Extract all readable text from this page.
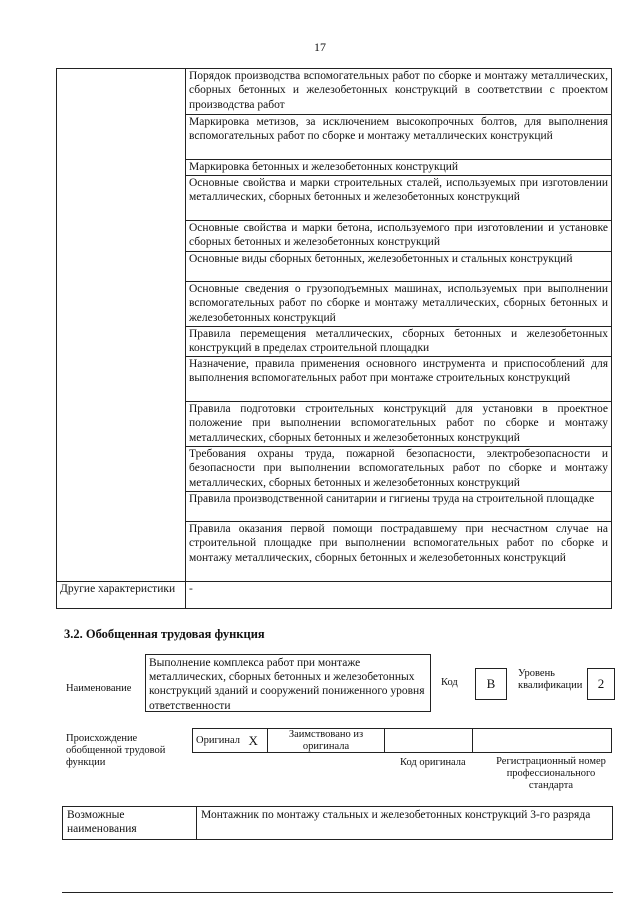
17
	Порядок производства вспомогательных работ по сборке и монтажу металлических, сборных бетонных и железобетонных конструкций в соответствии с проектом производства работ
	Маркировка метизов, за исключением высокопрочных болтов, для выполнения вспомогательных работ по сборке и монтажу металлических конструкций
	Маркировка бетонных и железобетонных конструкций
	Основные свойства и марки строительных сталей, используемых при изготовлении металлических, сборных бетонных и железобетонных конструкций
	Основные свойства и марки бетона, используемого при изготовлении и установке сборных бетонных и железобетонных конструкций
	Основные виды сборных бетонных, железобетонных и стальных конструкций
	Основные сведения о грузоподъемных машинах, используемых при выполнении вспомогательных работ по сборке и монтажу металлических, сборных бетонных и железобетонных конструкций
	Правила перемещения металлических, сборных бетонных и железобетонных конструкций в пределах строительной площадки
	Назначение, правила применения основного инструмента и приспособлений для выполнения вспомогательных работ при монтаже строительных конструкций
	Правила подготовки строительных конструкций для установки в проектное положение при выполнении вспомогательных работ по сборке и монтажу металлических, сборных бетонных и железобетонных конструкций
	Требования охраны труда, пожарной безопасности, электробезопасности и безопасности при выполнении вспомогательных работ по сборке и монтажу металлических, сборных бетонных и железобетонных конструкций
	Правила производственной санитарии и гигиены труда на строительной площадке
	Правила оказания первой помощи пострадавшему при несчастном случае на строительной площадке при выполнении вспомогательных работ по сборке и монтажу металлических, сборных бетонных и железобетонных конструкций
Другие характеристики	-
3.2. Обобщенная трудовая функция
Наименование
Выполнение комплекса работ при монтаже металлических, сборных бетонных и железобетонных конструкций зданий и сооружений пониженного уровня ответственности
Код	B
Уровень квалификации	2
Происхождение обобщенной трудовой функции
Оригинал	X	Заимствовано из оригинала		
Код оригинала	Регистрационный номер профессионального стандарта
Возможные наименования	Монтажник по монтажу стальных и железобетонных конструкций 3-го разряда
